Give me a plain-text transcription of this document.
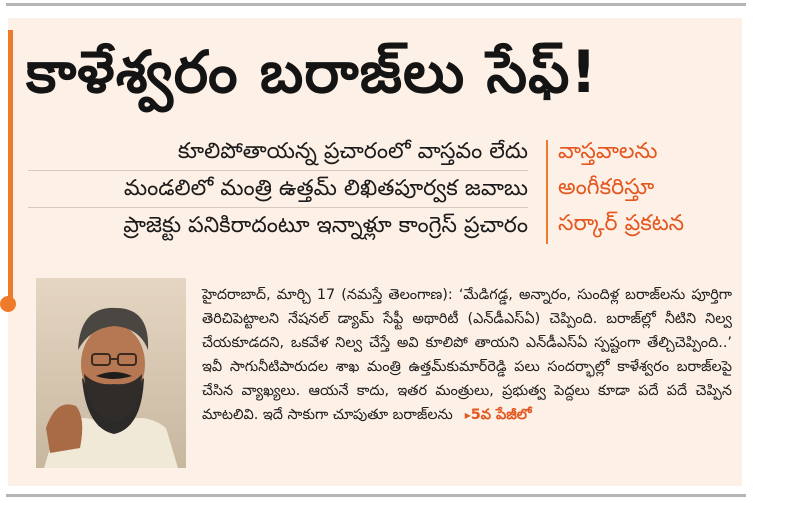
కాళేశ్వరం బరాజ్‌లు సేఫ్‌!
కూలిపోతాయన్న ప్రచారంలో వాస్తవం లేదు
మండలిలో మంత్రి ఉత్తమ్‌ లిఖితపూర్వక జవాబు
ప్రాజెక్టు పనికిరాదంటూ ఇన్నాళ్లూ కాంగ్రెస్‌ ప్రచారం
వాస్తవాలను
అంగీకరిస్తూ
సర్కార్‌ ప్రకటన
హైదరాబాద్‌, మార్చి 17 (నమస్తే తెలంగాణ): ‘మేడిగడ్డ, అన్నారం, సుందిళ్ల బరాజ్‌లను పూర్తిగా తెరిచిపెట్టాలని నేషనల్‌ డ్యామ్‌ సేఫ్టీ అథారిటీ (ఎన్‌డీఎస్‌ఏ) చెప్పింది. బరాజ్‌ల్లో నీటిని నిల్వ చేయకూడదని, ఒకవేళ నిల్వ చేస్తే అవి కూలిపో తాయని ఎన్‌డీఎస్‌ఏ స్పష్టంగా తేల్చిచెప్పింది..’ ఇవీ సాగునీటిపారుదల శాఖ మంత్రి ఉత్తమ్‌కుమార్‌రెడ్డి పలు సందర్భాల్లో కాళేశ్వరం బరాజ్‌లపై చేసిన వ్యాఖ్యలు. ఆయనే కాదు, ఇతర మంత్రులు, ప్రభుత్వ పెద్దలు కూడా పదే పదే చెప్పిన మాటలివి. ఇదే సాకుగా చూపుతూ బరాజ్‌లను ▸5వ పేజీలో
